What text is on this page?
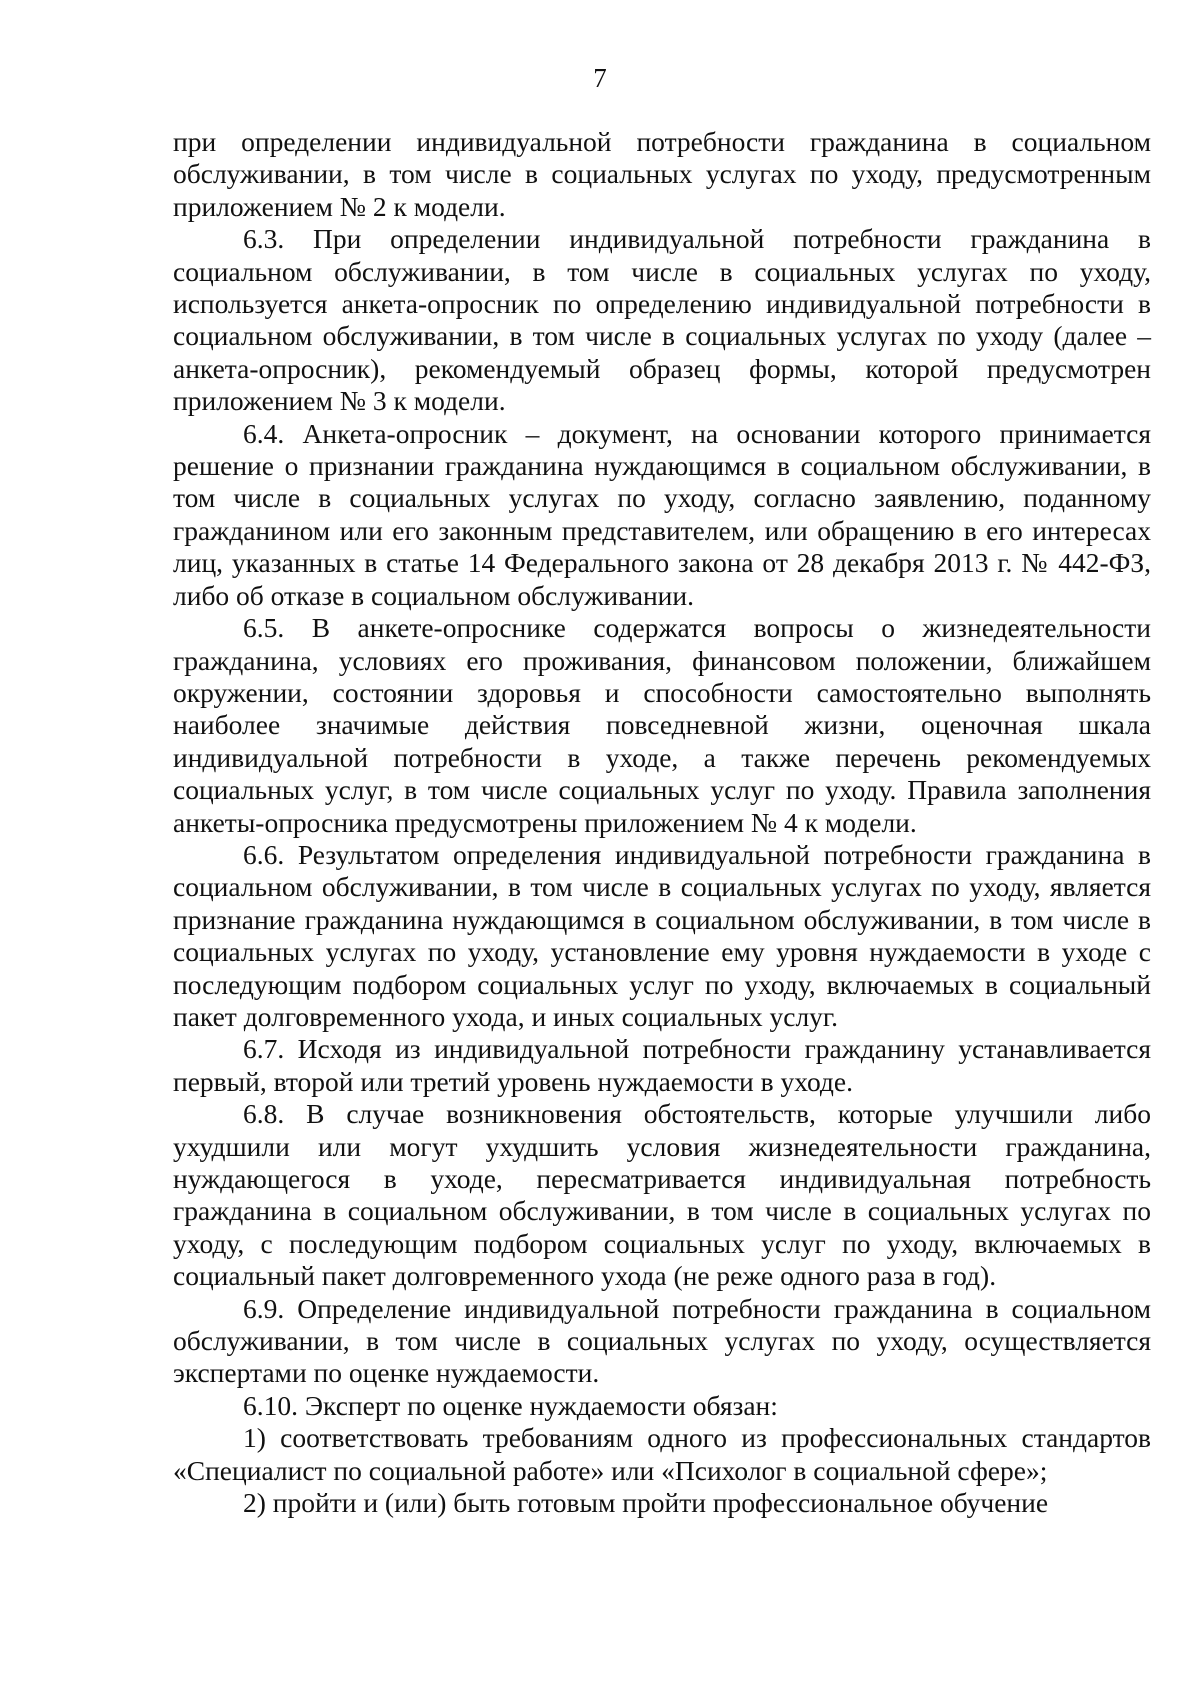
7

при определении индивидуальной потребности гражданина в социальном обслуживании, в том числе в социальных услугах по уходу, предусмотренным приложением № 2 к модели.

6.3. При определении индивидуальной потребности гражданина в социальном обслуживании, в том числе в социальных услугах по уходу, используется анкета-опросник по определению индивидуальной потребности в социальном обслуживании, в том числе в социальных услугах по уходу (далее – анкета-опросник), рекомендуемый образец формы, которой предусмотрен приложением № 3 к модели.

6.4. Анкета-опросник – документ, на основании которого принимается решение о признании гражданина нуждающимся в социальном обслуживании, в том числе в социальных услугах по уходу, согласно заявлению, поданному гражданином или его законным представителем, или обращению в его интересах лиц, указанных в статье 14 Федерального закона от 28 декабря 2013 г. № 442-ФЗ, либо об отказе в социальном обслуживании.

6.5. В анкете-опроснике содержатся вопросы о жизнедеятельности гражданина, условиях его проживания, финансовом положении, ближайшем окружении, состоянии здоровья и способности самостоятельно выполнять наиболее значимые действия повседневной жизни, оценочная шкала индивидуальной потребности в уходе, а также перечень рекомендуемых социальных услуг, в том числе социальных услуг по уходу. Правила заполнения анкеты-опросника предусмотрены приложением № 4 к модели.

6.6. Результатом определения индивидуальной потребности гражданина в социальном обслуживании, в том числе в социальных услугах по уходу, является признание гражданина нуждающимся в социальном обслуживании, в том числе в социальных услугах по уходу, установление ему уровня нуждаемости в уходе с последующим подбором социальных услуг по уходу, включаемых в социальный пакет долговременного ухода, и иных социальных услуг.

6.7. Исходя из индивидуальной потребности гражданину устанавливается первый, второй или третий уровень нуждаемости в уходе.

6.8. В случае возникновения обстоятельств, которые улучшили либо ухудшили или могут ухудшить условия жизнедеятельности гражданина, нуждающегося в уходе, пересматривается индивидуальная потребность гражданина в социальном обслуживании, в том числе в социальных услугах по уходу, с последующим подбором социальных услуг по уходу, включаемых в социальный пакет долговременного ухода (не реже одного раза в год).

6.9. Определение индивидуальной потребности гражданина в социальном обслуживании, в том числе в социальных услугах по уходу, осуществляется экспертами по оценке нуждаемости.

6.10. Эксперт по оценке нуждаемости обязан:

1) соответствовать требованиям одного из профессиональных стандартов «Специалист по социальной работе» или «Психолог в социальной сфере»;

2) пройти и (или) быть готовым пройти профессиональное обучение
